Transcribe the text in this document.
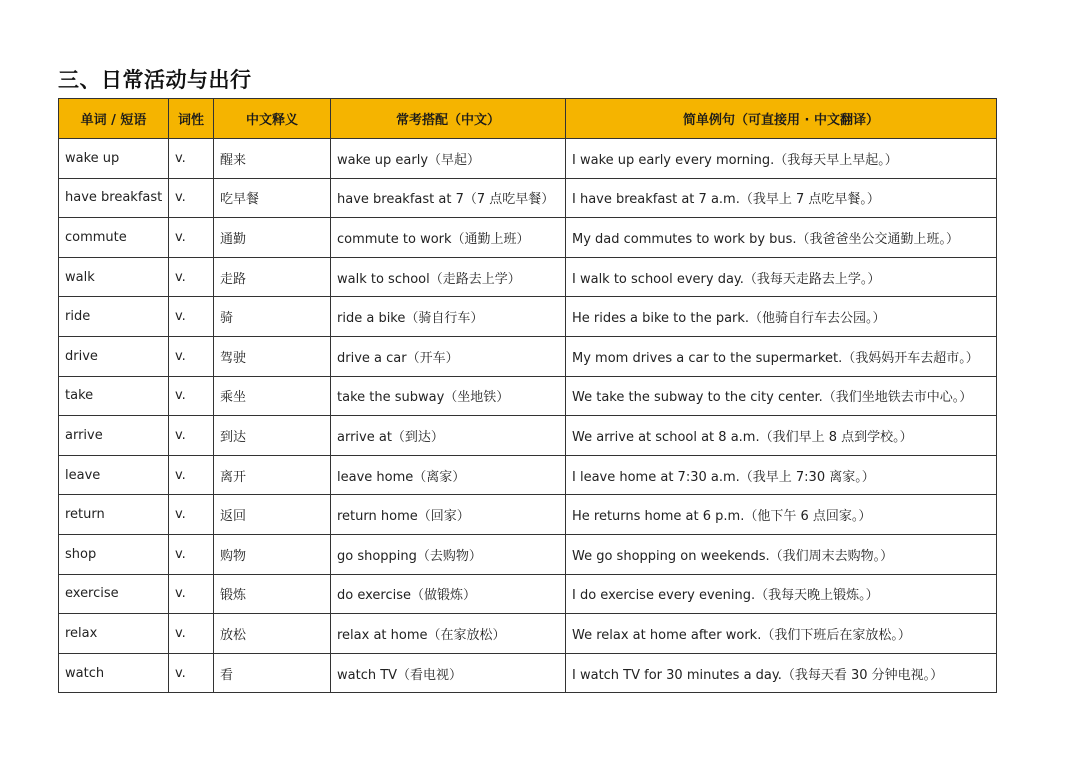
三、日常活动与出行
单词 / 短语	词性	中文释义	常考搭配（中文）	简单例句（可直接用 · 中文翻译）
wake up	v.	醒来	wake up early（早起）	I wake up early every morning.（我每天早上早起。）
have breakfast	v.	吃早餐	have breakfast at 7（7 点吃早餐）	I have breakfast at 7 a.m.（我早上 7 点吃早餐。）
commute	v.	通勤	commute to work（通勤上班）	My dad commutes to work by bus.（我爸爸坐公交通勤上班。）
walk	v.	走路	walk to school（走路去上学）	I walk to school every day.（我每天走路去上学。）
ride	v.	骑	ride a bike（骑自行车）	He rides a bike to the park.（他骑自行车去公园。）
drive	v.	驾驶	drive a car（开车）	My mom drives a car to the supermarket.（我妈妈开车去超市。）
take	v.	乘坐	take the subway（坐地铁）	We take the subway to the city center.（我们坐地铁去市中心。）
arrive	v.	到达	arrive at（到达）	We arrive at school at 8 a.m.（我们早上 8 点到学校。）
leave	v.	离开	leave home（离家）	I leave home at 7:30 a.m.（我早上 7:30 离家。）
return	v.	返回	return home（回家）	He returns home at 6 p.m.（他下午 6 点回家。）
shop	v.	购物	go shopping（去购物）	We go shopping on weekends.（我们周末去购物。）
exercise	v.	锻炼	do exercise（做锻炼）	I do exercise every evening.（我每天晚上锻炼。）
relax	v.	放松	relax at home（在家放松）	We relax at home after work.（我们下班后在家放松。）
watch	v.	看	watch TV（看电视）	I watch TV for 30 minutes a day.（我每天看 30 分钟电视。）
